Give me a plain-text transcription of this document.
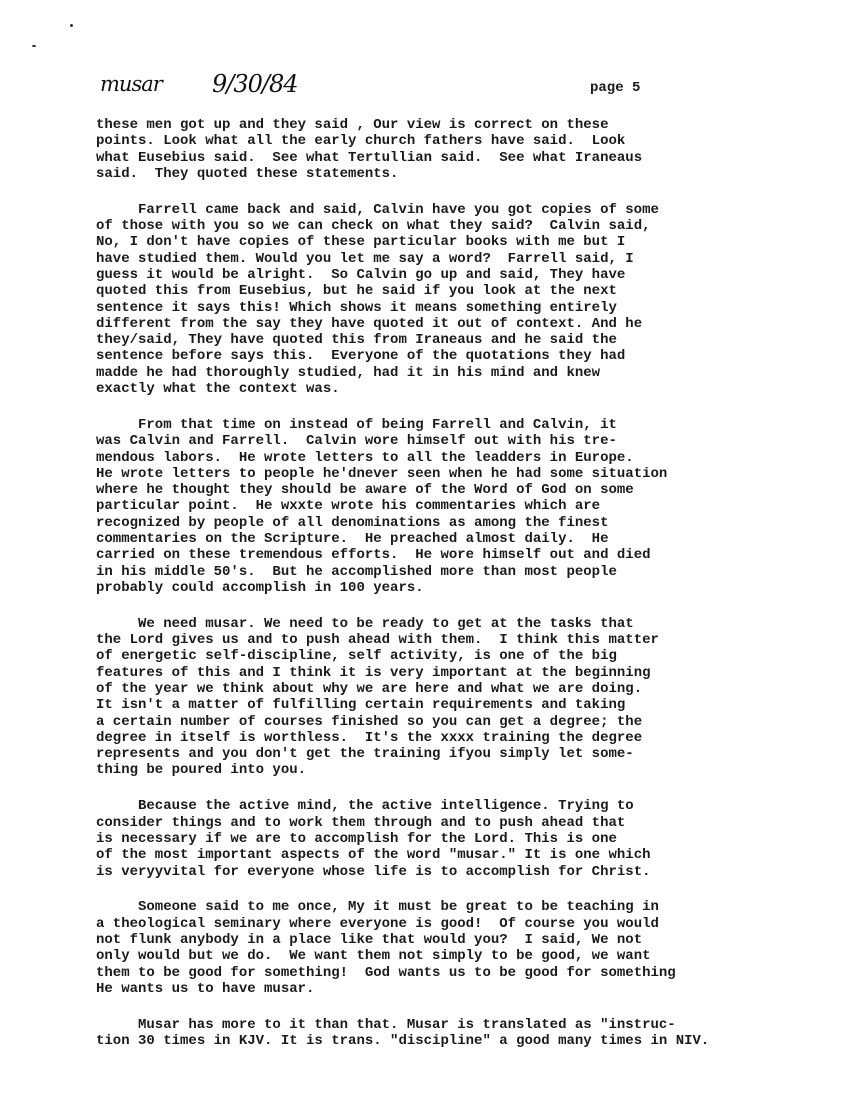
musar 9/30/84	page 5
these men got up and they said , Our view is correct on these
points. Look what all the early church fathers have said.  Look
what Eusebius said.  See what Tertullian said.  See what Iraneaus
said.  They quoted these statements.
Farrell came back and said, Calvin have you got copies of some
of those with you so we can check on what they said?  Calvin said,
No, I don't have copies of these particular books with me but I
have studied them. Would you let me say a word?  Farrell said, I
guess it would be alright.  So Calvin go up and said, They have
quoted this from Eusebius, but he said if you look at the next
sentence it says this! Which shows it means something entirely
different from the say they have quoted it out of context. And he
they/said, They have quoted this from Iraneaus and he said the
sentence before says this.  Everyone of the quotations they had
madde he had thoroughly studied, had it in his mind and knew
exactly what the context was.
From that time on instead of being Farrell and Calvin, it
was Calvin and Farrell.  Calvin wore himself out with his tre-
mendous labors.  He wrote letters to all the leadders in Europe.
He wrote letters to people he'dnever seen when he had some situation
where he thought they should be aware of the Word of God on some
particular point.  He wxxte wrote his commentaries which are
recognized by people of all denominations as among the finest
commentaries on the Scripture.  He preached almost daily.  He
carried on these tremendous efforts.  He wore himself out and died
in his middle 50's.  But he accomplished more than most people
probably could accomplish in 100 years.
We need musar. We need to be ready to get at the tasks that
the Lord gives us and to push ahead with them.  I think this matter
of energetic self-discipline, self activity, is one of the big
features of this and I think it is very important at the beginning
of the year we think about why we are here and what we are doing.
It isn't a matter of fulfilling certain requirements and taking
a certain number of courses finished so you can get a degree; the
degree in itself is worthless.  It's the xxxx training the degree
represents and you don't get the training ifyou simply let some-
thing be poured into you.
Because the active mind, the active intelligence. Trying to
consider things and to work them through and to push ahead that
is necessary if we are to accomplish for the Lord. This is one
of the most important aspects of the word "musar." It is one which
is veryyvital for everyone whose life is to accomplish for Christ.
Someone said to me once, My it must be great to be teaching in
a theological seminary where everyone is good!  Of course you would
not flunk anybody in a place like that would you?  I said, We not
only would but we do.  We want them not simply to be good, we want
them to be good for something!  God wants us to be good for something
He wants us to have musar.
Musar has more to it than that. Musar is translated as "instruc-
tion 30 times in KJV. It is trans. "discipline" a good many times in NIV.
